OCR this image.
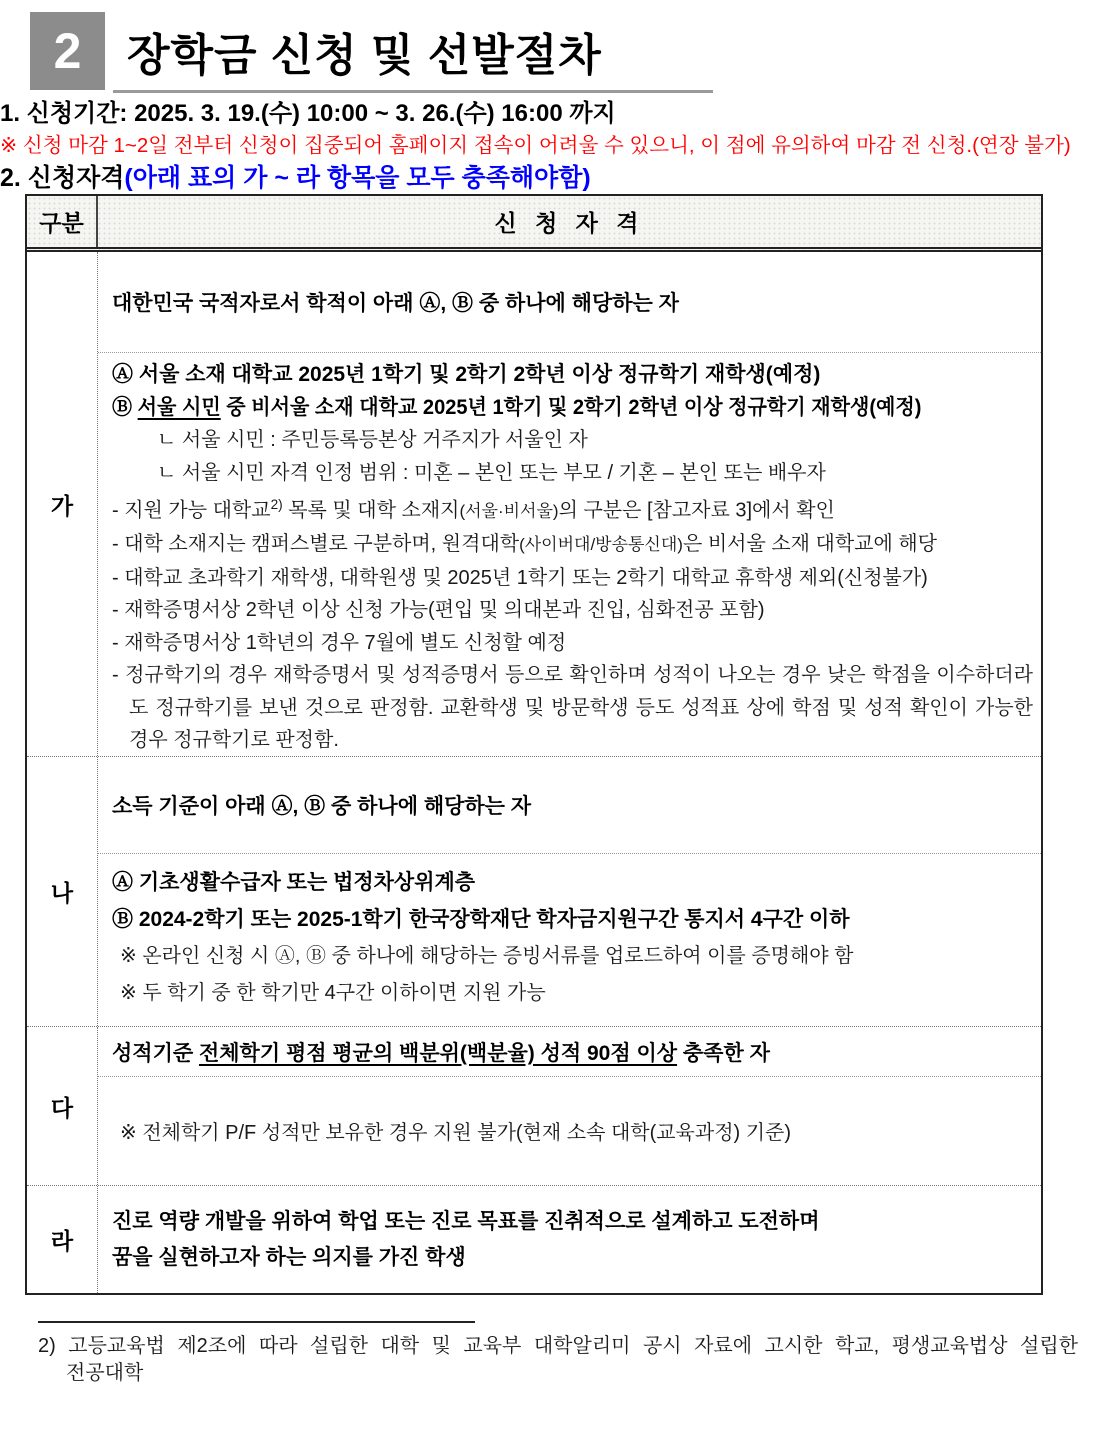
2 장학금 신청 및 선발절차

1. 신청기간: 2025. 3. 19.(수) 10:00 ~ 3. 26.(수) 16:00 까지

※ 신청 마감 1~2일 전부터 신청이 집중되어 홈페이지 접속이 어려울 수 있으니, 이 점에 유의하여 마감 전 신청.(연장 불가)

2. 신청자격(아래 표의 가 ~ 라 항목을 모두 충족해야함)

구분	신 청 자 격
가

대한민국 국적자로서 학적이 아래 Ⓐ, Ⓑ 중 하나에 해당하는 자

Ⓐ 서울 소재 대학교 2025년 1학기 및 2학기 2학년 이상 정규학기 재학생(예정)

Ⓑ 서울 시민 중 비서울 소재 대학교 2025년 1학기 및 2학기 2학년 이상 정규학기 재학생(예정)

ㄴ 서울 시민 : 주민등록등본상 거주지가 서울인 자

ㄴ 서울 시민 자격 인정 범위 : 미혼 – 본인 또는 부모 / 기혼 – 본인 또는 배우자

- 지원 가능 대학교$^{2)}$ 목록 및 대학 소재지(서울·비서울)의 구분은 [참고자료 3]에서 확인

- 대학 소재지는 캠퍼스별로 구분하며, 원격대학(사이버대/방송통신대)은 비서울 소재 대학교에 해당

- 대학교 초과학기 재학생, 대학원생 및 2025년 1학기 또는 2학기 대학교 휴학생 제외(신청불가)

- 재학증명서상 2학년 이상 신청 가능(편입 및 의대본과 진입, 심화전공 포함)

- 재학증명서상 1학년의 경우 7월에 별도 신청할 예정

- 정규학기의 경우 재학증명서 및 성적증명서 등으로 확인하며 성적이 나오는 경우 낮은 학점을 이수하더라도 정규학기를 보낸 것으로 판정함. 교환학생 및 방문학생 등도 성적표 상에 학점 및 성적 확인이 가능한 경우 정규학기로 판정함.

나

소득 기준이 아래 Ⓐ, Ⓑ 중 하나에 해당하는 자

Ⓐ 기초생활수급자 또는 법정차상위계층

Ⓑ 2024-2학기 또는 2025-1학기 한국장학재단 학자금지원구간 통지서 4구간 이하

※ 온라인 신청 시 Ⓐ, Ⓑ 중 하나에 해당하는 증빙서류를 업로드하여 이를 증명해야 함

※ 두 학기 중 한 학기만 4구간 이하이면 지원 가능

다

성적기준 전체학기 평점 평균의 백분위(백분율) 성적 90점 이상 충족한 자

※ 전체학기 P/F 성적만 보유한 경우 지원 불가(현재 소속 대학(교육과정) 기준)

라

진로 역량 개발을 위하여 학업 또는 진로 목표를 진취적으로 설계하고 도전하며

꿈을 실현하고자 하는 의지를 가진 학생

2) 고등교육법 제2조에 따라 설립한 대학 및 교육부 대학알리미 공시 자료에 고시한 학교, 평생교육법상 설립한

전공대학
